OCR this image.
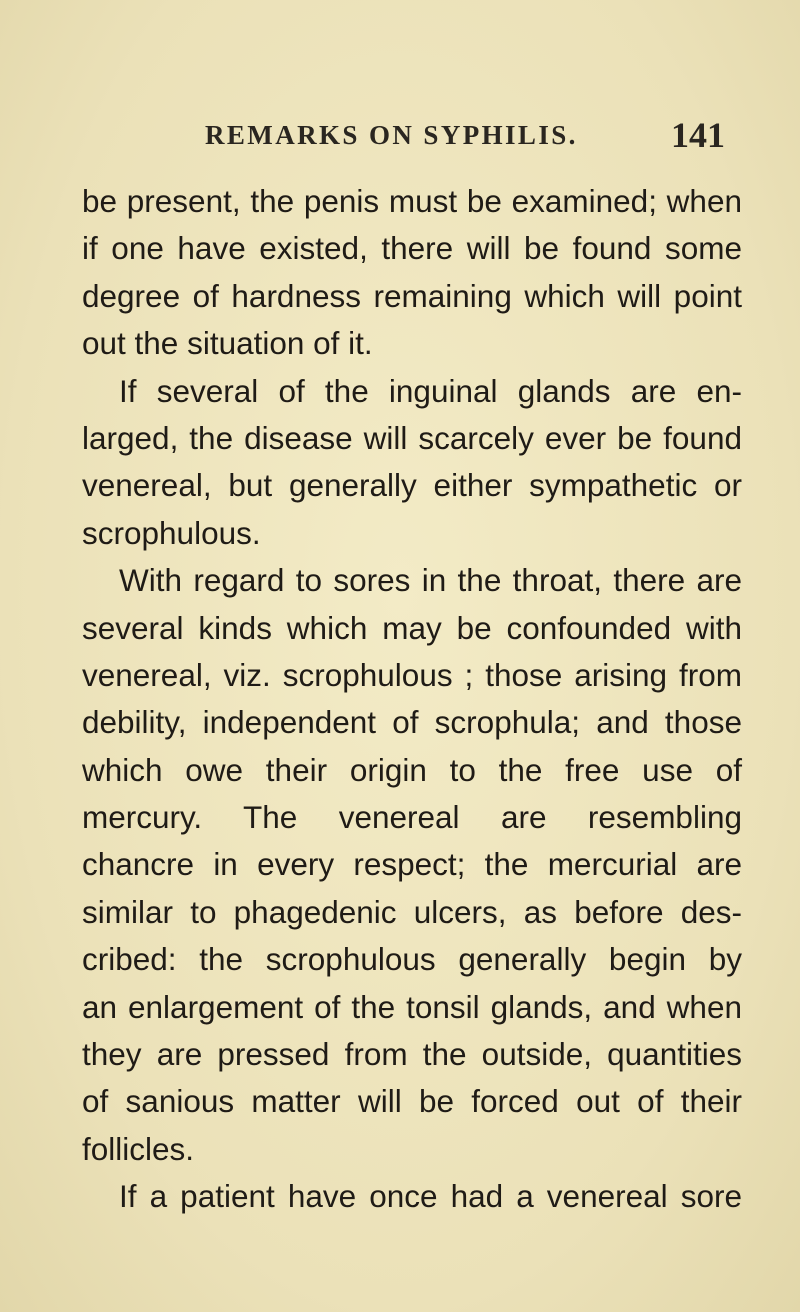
REMARKS ON SYPHILIS.	141
be present, the penis must be examined; when
if one have existed, there will be found some
degree of hardness remaining which will point
out the situation of it.
If several of the inguinal glands are en-
larged, the disease will scarcely ever be found
venereal, but generally either sympathetic or
scrophulous.
With regard to sores in the throat, there are
several kinds which may be confounded with
venereal, viz. scrophulous ; those arising from
debility, independent of scrophula; and those
which owe their origin to the free use of
mercury. The venereal are resembling
chancre in every respect; the mercurial are
similar to phagedenic ulcers, as before des-
cribed: the scrophulous generally begin by
an enlargement of the tonsil glands, and when
they are pressed from the outside, quantities
of sanious matter will be forced out of their
follicles.
If a patient have once had a venereal sore
